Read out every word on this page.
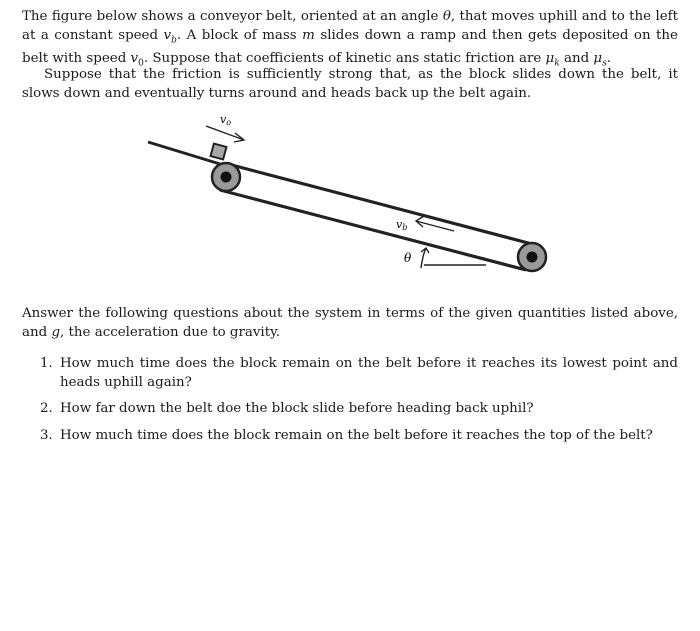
The figure below shows a conveyor belt, oriented at an angle θ, that moves uphill and to the left at a constant speed $v_b$. A block of mass m slides down a ramp and then gets deposited on the belt with speed $v_0$. Suppose that coefficients of kinetic ans static friction are $\mu_k$ and $\mu_s$.

Suppose that the friction is sufficiently strong that, as the block slides down the belt, it slows down and eventually turns around and heads back up the belt again.

vo
vb
θ

Answer the following questions about the system in terms of the given quantities listed above, and g, the acceleration due to gravity.

1. How much time does the block remain on the belt before it reaches its lowest point and heads uphill again?
2. How far down the belt doe the block slide before heading back uphil?
3. How much time does the block remain on the belt before it reaches the top of the belt?
